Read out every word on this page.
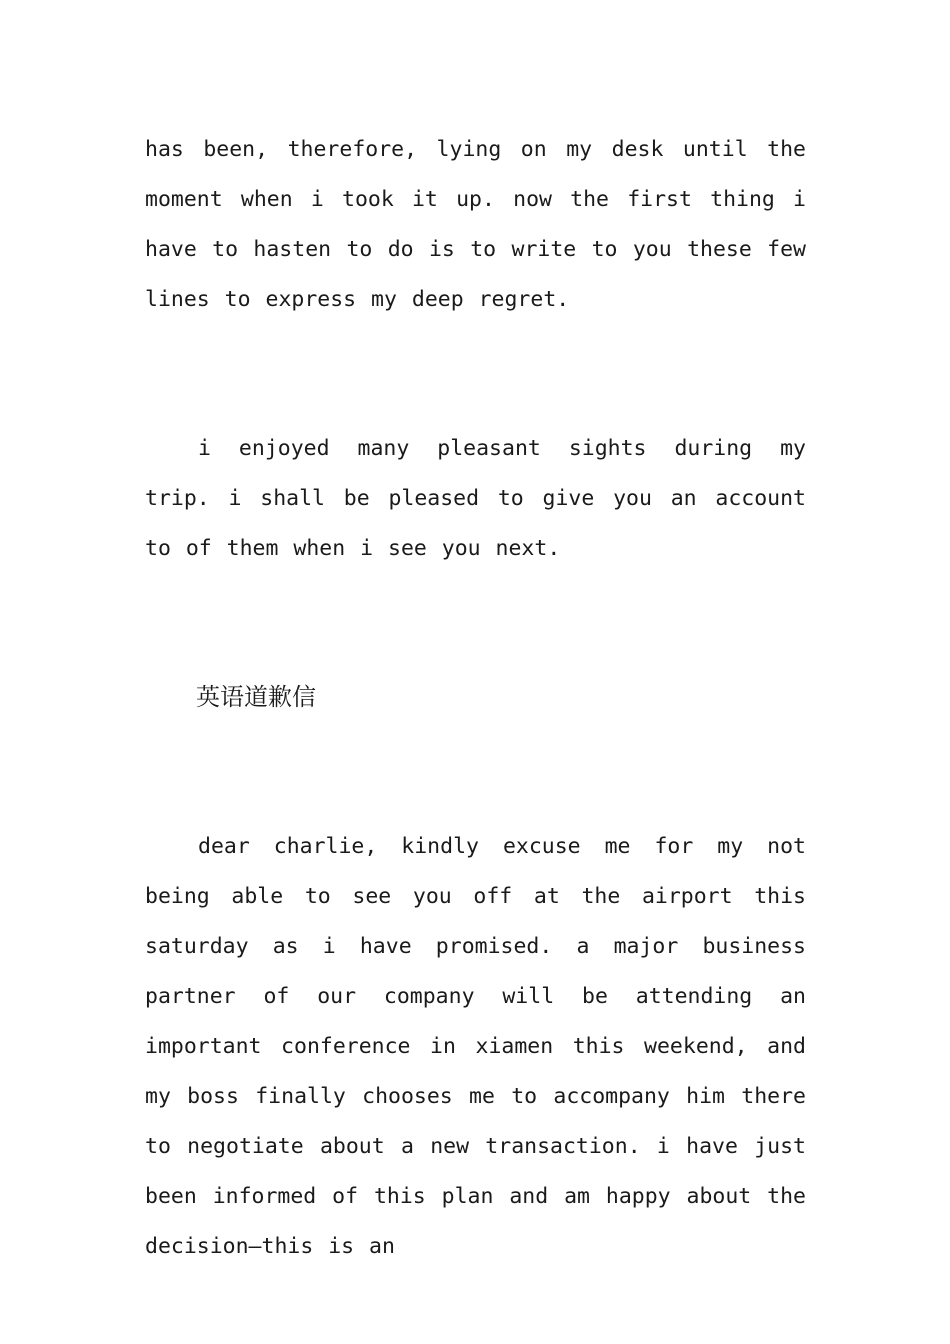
has been, therefore, lying on my desk until the moment when i took it up. now the first thing i have to hasten to do is to write to you these few lines to express my deep regret.

i enjoyed many pleasant sights during my trip. i shall be pleased to give you an account to of them when i see you next.

英语道歉信

dear charlie, kindly excuse me for my not being able to see you off at the airport this saturday as i have promised. a major business partner of our company will be attending an important conference in xiamen this weekend, and my boss finally chooses me to accompany him there to negotiate about a new transaction. i have just been informed of this plan and am happy about the decision—this is an
